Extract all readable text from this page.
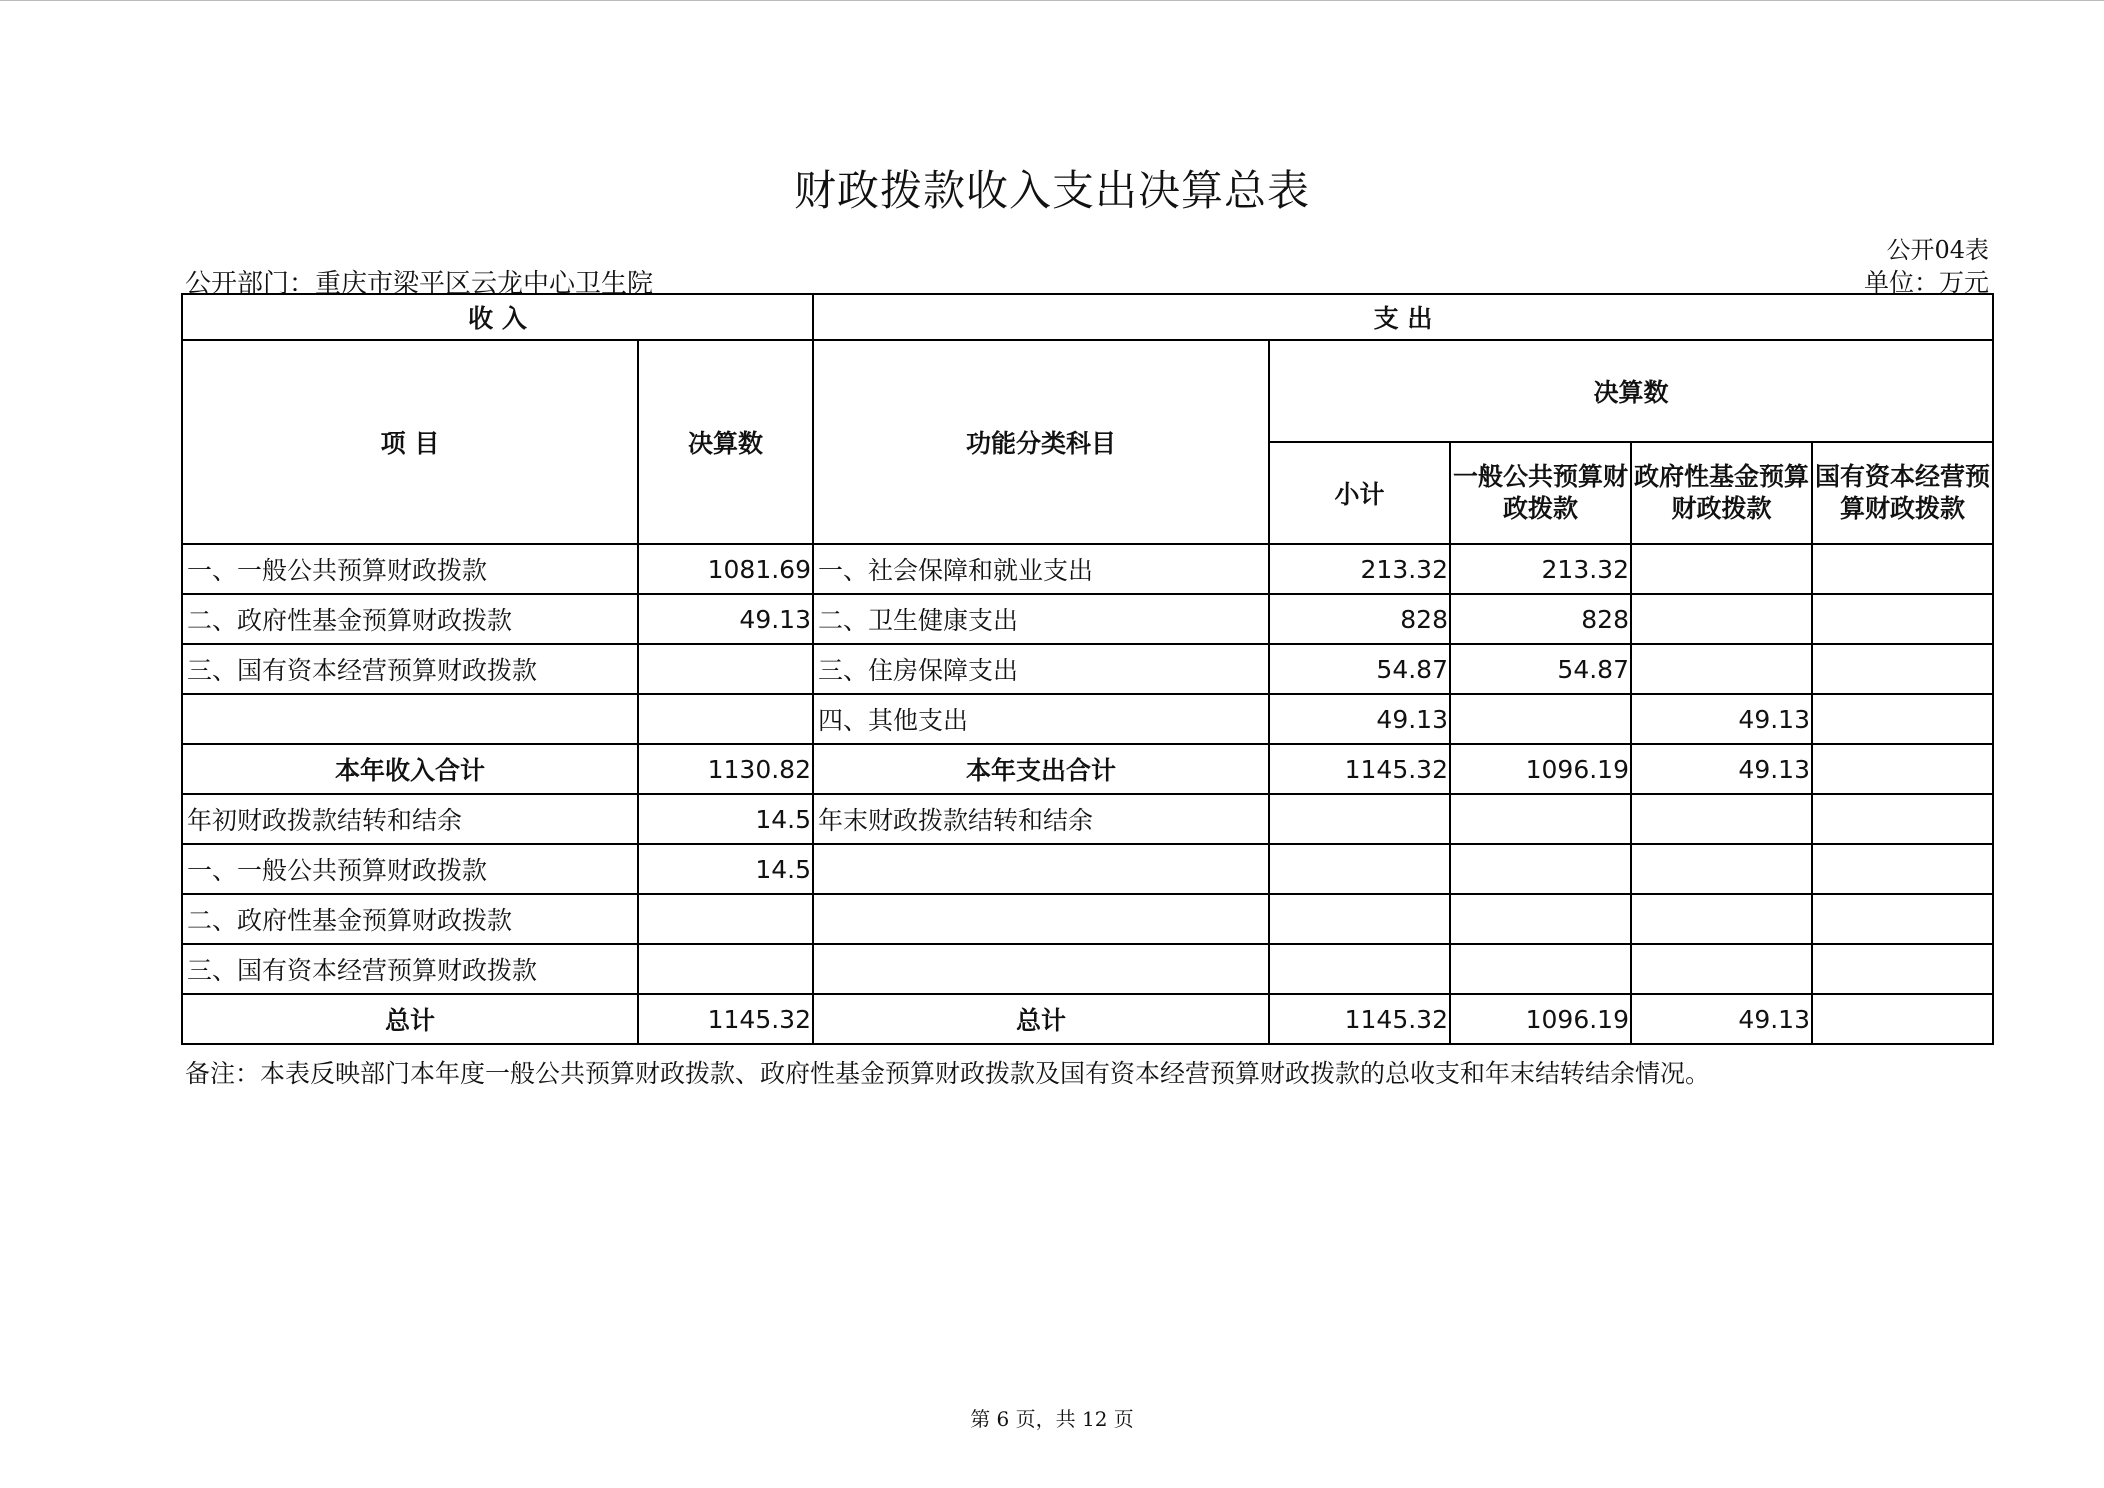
财政拨款收入支出决算总表
公开04表
公开部门：重庆市梁平区云龙中心卫生院	单位：万元
收 入		支 出				
项 目	决算数	功能分类科目	决算数			
			小计	一般公共预算财政拨款	政府性基金预算财政拨款	国有资本经营预算财政拨款
一、一般公共预算财政拨款	1081.69	一、社会保障和就业支出	213.32	213.32		
二、政府性基金预算财政拨款	49.13	二、卫生健康支出	828	828		
三、国有资本经营预算财政拨款		三、住房保障支出	54.87	54.87		
		四、其他支出	49.13		49.13	
本年收入合计	1130.82	本年支出合计	1145.32	1096.19	49.13	
年初财政拨款结转和结余	14.5	年末财政拨款结转和结余				
一、一般公共预算财政拨款	14.5					
二、政府性基金预算财政拨款						
三、国有资本经营预算财政拨款						
总计	1145.32	总计	1145.32	1096.19	49.13	
备注：本表反映部门本年度一般公共预算财政拨款、政府性基金预算财政拨款及国有资本经营预算财政拨款的总收支和年末结转结余情况。
第 6 页，共 12 页
